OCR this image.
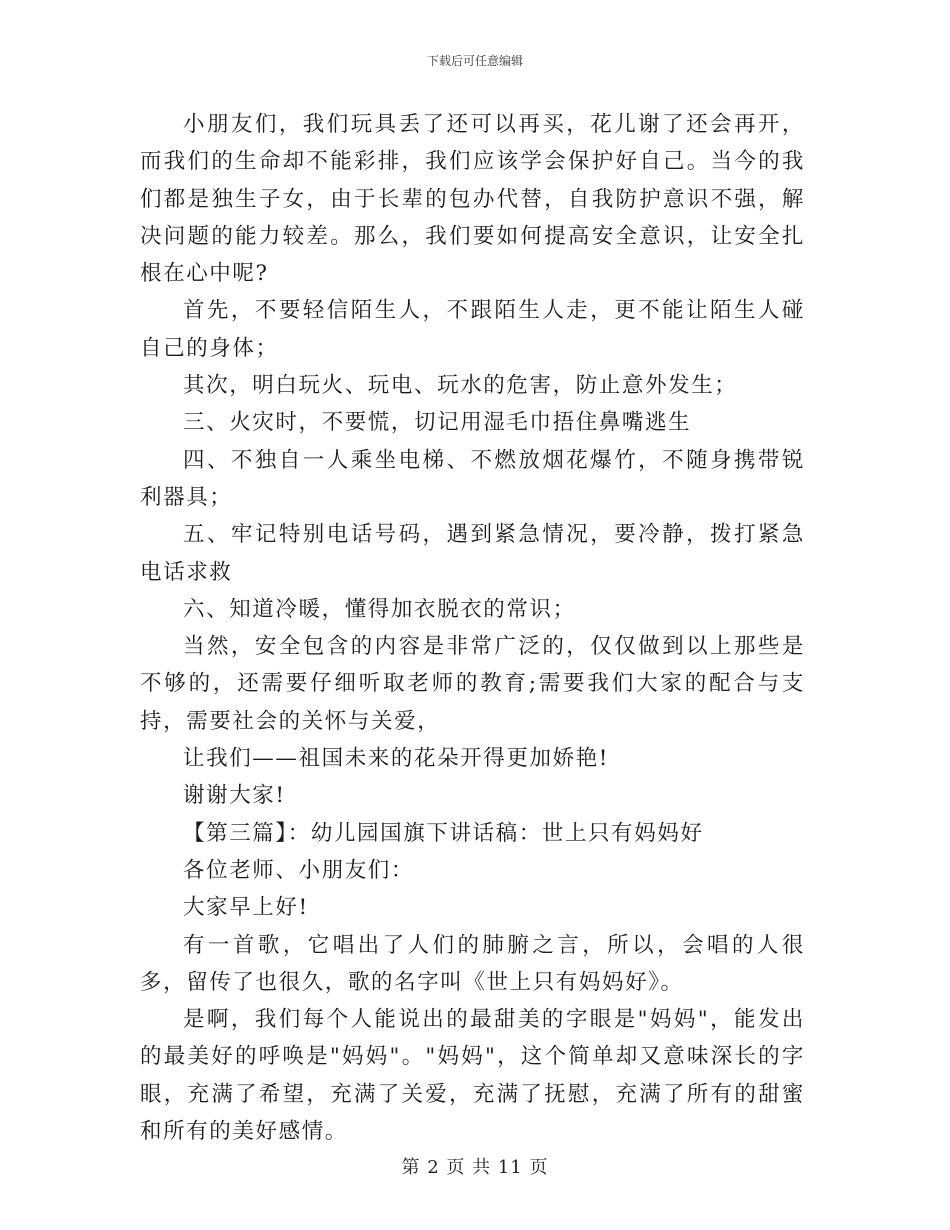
下载后可任意编辑

小朋友们，我们玩具丢了还可以再买，花儿谢了还会再开，而我们的生命却不能彩排，我们应该学会保护好自己。当今的我们都是独生子女，由于长辈的包办代替，自我防护意识不强，解决问题的能力较差。那么，我们要如何提高安全意识，让安全扎根在心中呢?

首先，不要轻信陌生人，不跟陌生人走，更不能让陌生人碰自己的身体；

其次，明白玩火、玩电、玩水的危害，防止意外发生；

三、火灾时，不要慌，切记用湿毛巾捂住鼻嘴逃生

四、不独自一人乘坐电梯、不燃放烟花爆竹，不随身携带锐利器具；

五、牢记特别电话号码，遇到紧急情况，要冷静，拨打紧急电话求救

六、知道冷暖，懂得加衣脱衣的常识；

当然，安全包含的内容是非常广泛的，仅仅做到以上那些是不够的，还需要仔细听取老师的教育;需要我们大家的配合与支持，需要社会的关怀与关爱，

让我们——祖国未来的花朵开得更加娇艳!

谢谢大家!

【第三篇】：幼儿园国旗下讲话稿：世上只有妈妈好

各位老师、小朋友们：

大家早上好!

有一首歌，它唱出了人们的肺腑之言，所以，会唱的人很多，留传了也很久，歌的名字叫《世上只有妈妈好》。

是啊，我们每个人能说出的最甜美的字眼是"妈妈"，能发出的最美好的呼唤是"妈妈"。"妈妈"，这个简单却又意味深长的字眼，充满了希望，充满了关爱，充满了抚慰，充满了所有的甜蜜和所有的美好感情。

第 2 页 共 11 页
